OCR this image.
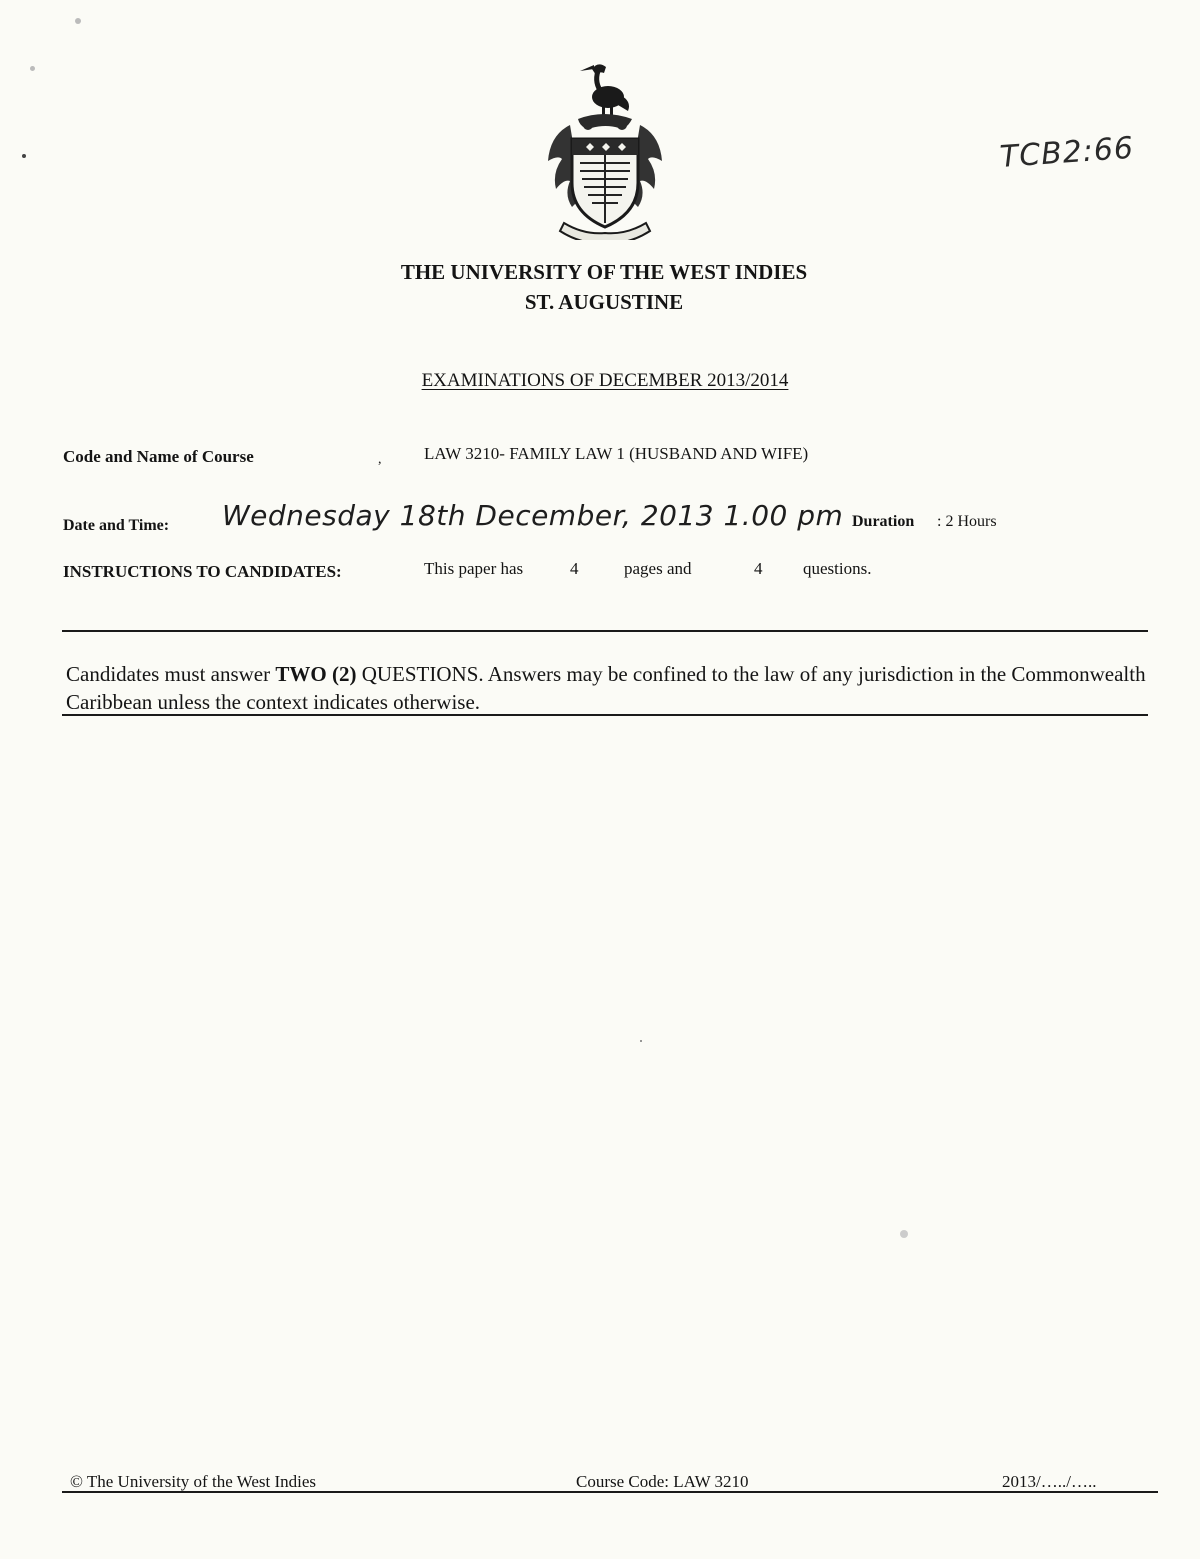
TCB2:66
THE UNIVERSITY OF THE WEST INDIES
ST. AUGUSTINE
EXAMINATIONS OF DECEMBER 2013/2014
Code and Name of Course	,	LAW 3210- FAMILY LAW 1 (HUSBAND AND WIFE)
Date and Time: Wednesday 18th December, 2013 1.00 pm Duration : 2 Hours
INSTRUCTIONS TO CANDIDATES:	This paper has	4	pages and	4 questions.
Candidates must answer TWO (2) QUESTIONS. Answers may be confined to the law of any jurisdiction in the Commonwealth Caribbean unless the context indicates otherwise.
© The University of the West Indies	Course Code: LAW 3210	2013/…../…..
